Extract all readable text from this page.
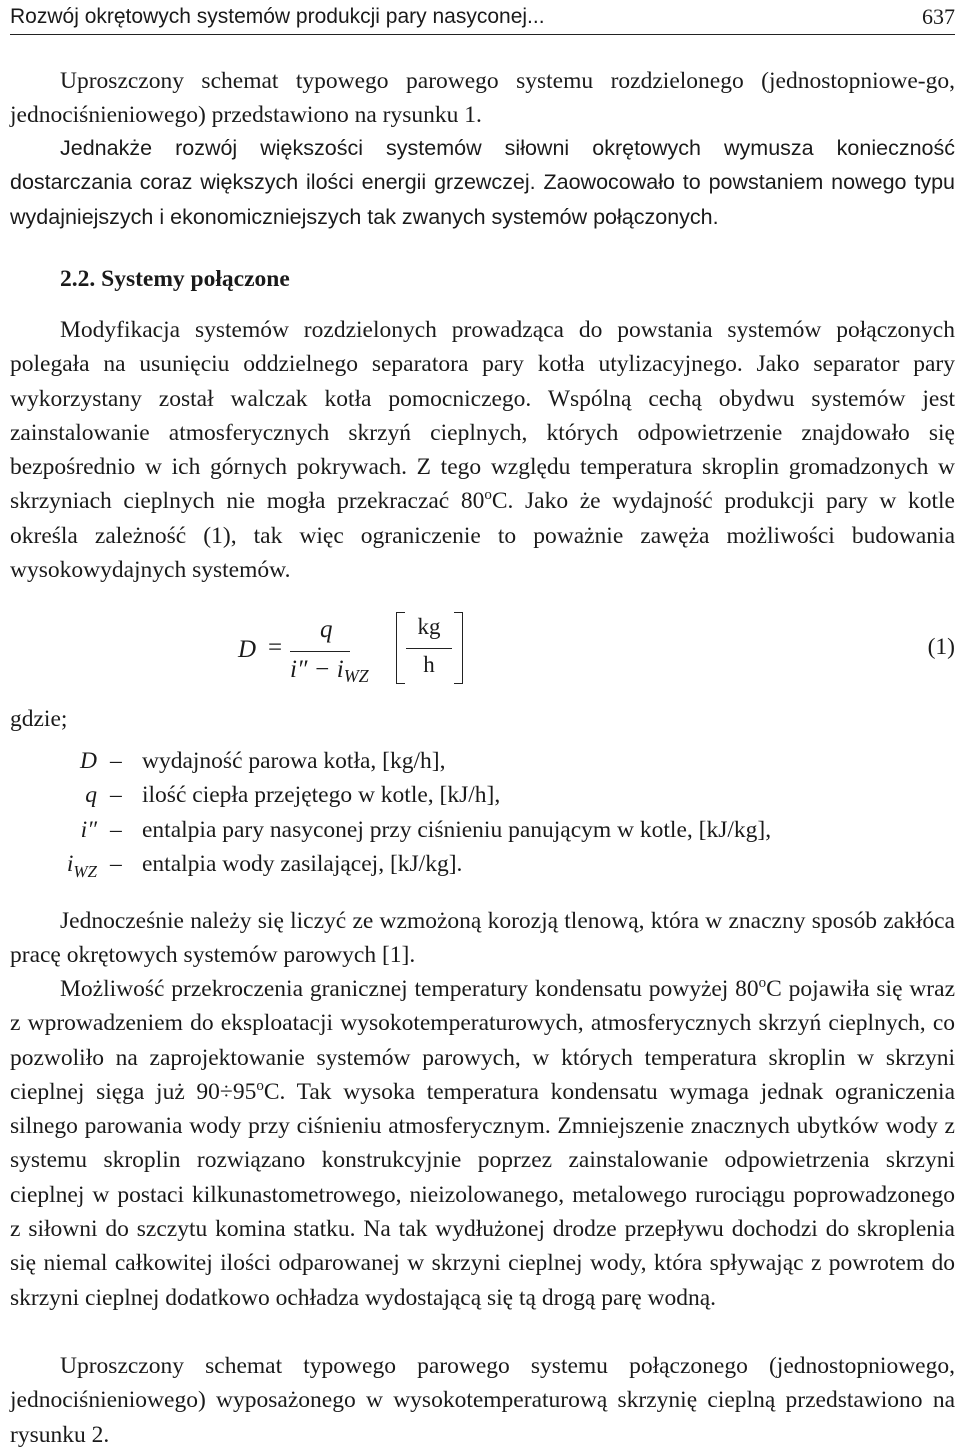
Rozwój okrętowych systemów produkcji pary nasyconej...	637

Uproszczony schemat typowego parowego systemu rozdzielonego (jednostopniowe-go, jednociśnieniowego) przedstawiono na rysunku 1.

Jednakże rozwój większości systemów siłowni okrętowych wymusza konieczność dostarczania coraz większych ilości energii grzewczej. Zaowocowało to powstaniem nowego typu wydajniejszych i ekonomiczniejszych tak zwanych systemów połączonych.

2.2. Systemy połączone

Modyfikacja systemów rozdzielonych prowadząca do powstania systemów połączonych polegała na usunięciu oddzielnego separatora pary kotła utylizacyjnego. Jako separator pary wykorzystany został walczak kotła pomocniczego. Wspólną cechą obydwu systemów jest zainstalowanie atmosferycznych skrzyń cieplnych, których odpowietrzenie znajdowało się bezpośrednio w ich górnych pokrywach. Z tego względu temperatura skroplin gromadzonych w skrzyniach cieplnych nie mogła przekraczać 80$^o$C. Jako że wydajność produkcji pary w kotle określa zależność (1), tak więc ograniczenie to poważnie zawęża możliwości budowania wysokowydajnych systemów.

D =
q
$i'' - i_{WZ}$
kg
h
(1)
gdzie;
D – wydajność parowa kotła, [kg/h],
q – ilość ciepła przejętego w kotle, [kJ/h],
i″ – entalpia pary nasyconej przy ciśnieniu panującym w kotle, [kJ/kg],
$i_{WZ}$ – entalpia wody zasilającej, [kJ/kg].

Jednocześnie należy się liczyć ze wzmożoną korozją tlenową, która w znaczny sposób zakłóca pracę okrętowych systemów parowych [1].

Możliwość przekroczenia granicznej temperatury kondensatu powyżej 80$^o$C pojawiła się wraz z wprowadzeniem do eksploatacji wysokotemperaturowych, atmosferycznych skrzyń cieplnych, co pozwoliło na zaprojektowanie systemów parowych, w których temperatura skroplin w skrzyni cieplnej sięga już $90\div 95^oC$. Tak wysoka temperatura kondensatu wymaga jednak ograniczenia silnego parowania wody przy ciśnieniu atmosferycznym. Zmniejszenie znacznych ubytków wody z systemu skroplin rozwiązano konstrukcyjnie poprzez zainstalowanie odpowietrzenia skrzyni cieplnej w postaci kilkunastometrowego, nieizolowanego, metalowego rurociągu poprowadzonego z siłowni do szczytu komina statku. Na tak wydłużonej drodze przepływu dochodzi do skroplenia się niemal całkowitej ilości odparowanej w skrzyni cieplnej wody, która spływając z powrotem do skrzyni cieplnej dodatkowo ochładza wydostającą się tą drogą parę wodną.

Uproszczony schemat typowego parowego systemu połączonego (jednostopniowego, jednociśnieniowego) wyposażonego w wysokotemperaturową skrzynię cieplną przedstawiono na rysunku 2.
